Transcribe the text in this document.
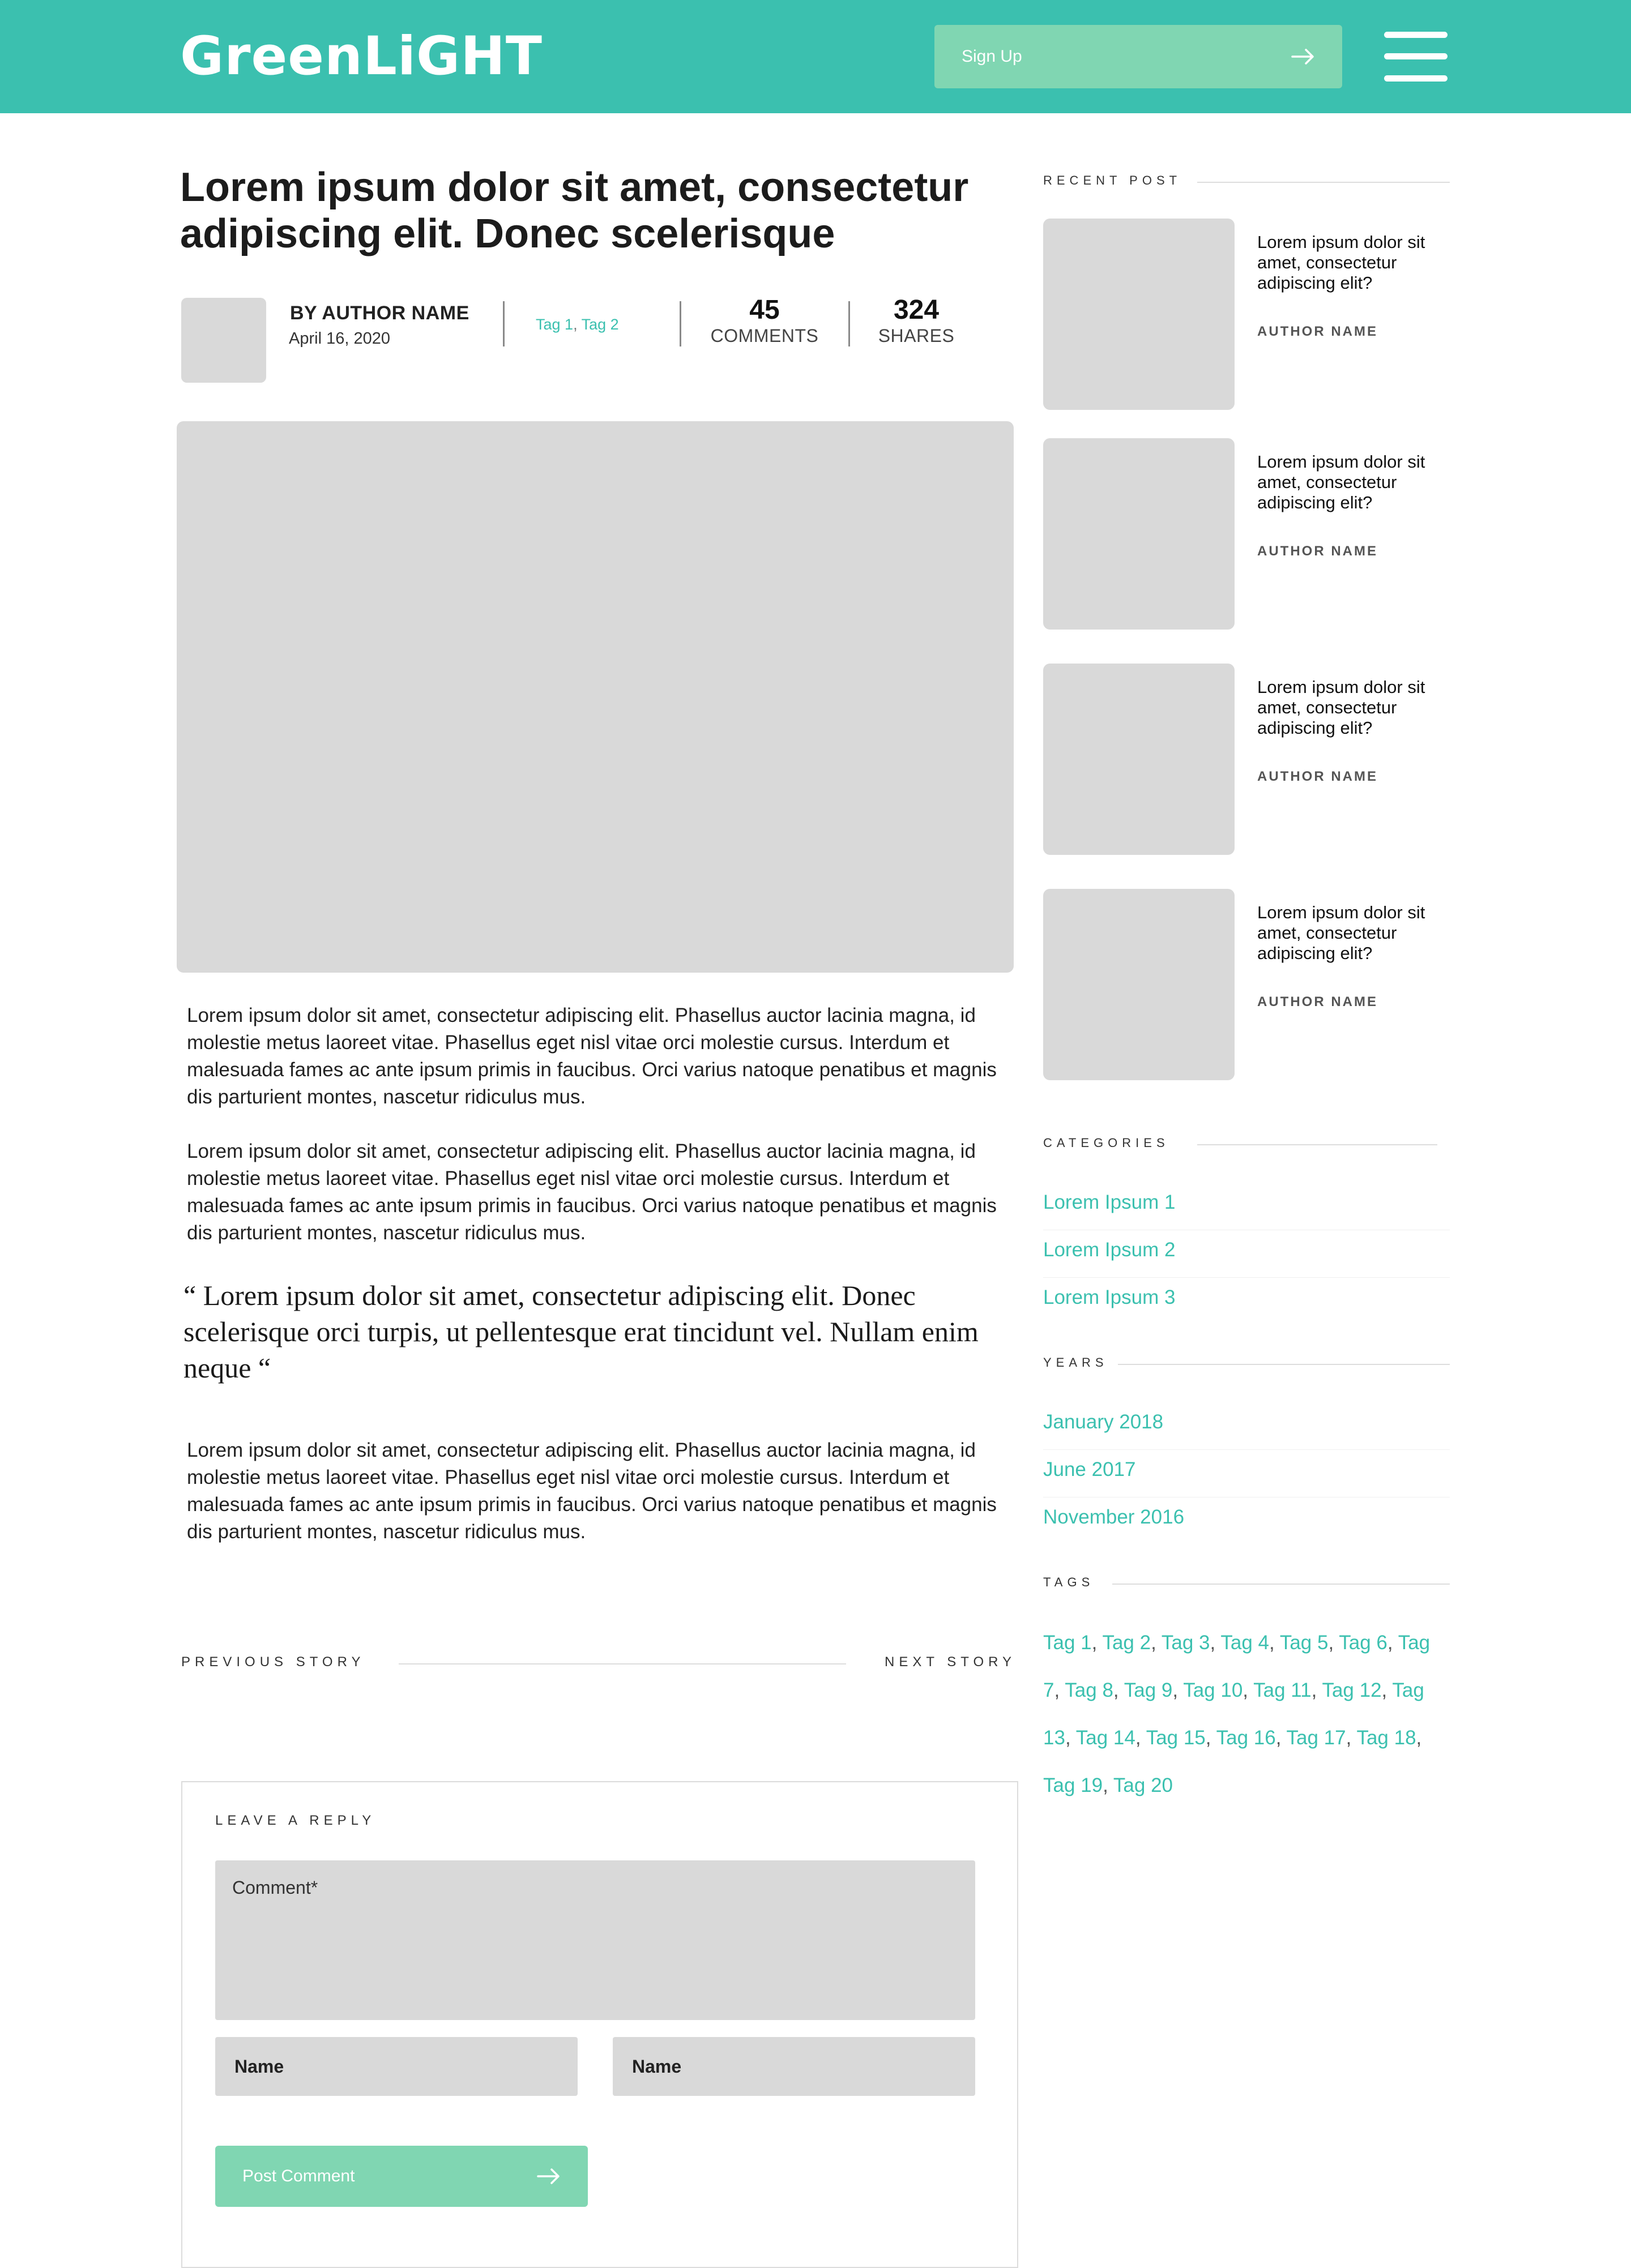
GreenLiGHT	Sign Up
Lorem ipsum dolor sit amet, consectetur adipiscing elit. Donec scelerisque
BY AUTHOR NAME
April 16, 2020
Tag 1, Tag 2	45
COMMENTS
324
SHARES

Lorem ipsum dolor sit amet, consectetur adipiscing elit. Phasellus auctor lacinia magna, id molestie metus laoreet vitae. Phasellus eget nisl vitae orci molestie cursus. Interdum et malesuada fames ac ante ipsum primis in faucibus. Orci varius natoque penatibus et magnis dis parturient montes, nascetur ridiculus mus.

Lorem ipsum dolor sit amet, consectetur adipiscing elit. Phasellus auctor lacinia magna, id molestie metus laoreet vitae. Phasellus eget nisl vitae orci molestie cursus. Interdum et malesuada fames ac ante ipsum primis in faucibus. Orci varius natoque penatibus et magnis dis parturient montes, nascetur ridiculus mus.

“ Lorem ipsum dolor sit amet, consectetur adipiscing elit. Donec scelerisque orci turpis, ut pellentesque erat tincidunt vel. Nullam enim neque “

Lorem ipsum dolor sit amet, consectetur adipiscing elit. Phasellus auctor lacinia magna, id molestie metus laoreet vitae. Phasellus eget nisl vitae orci molestie cursus. Interdum et malesuada fames ac ante ipsum primis in faucibus. Orci varius natoque penatibus et magnis dis parturient montes, nascetur ridiculus mus.

PREVIOUS STORY	NEXT STORY
LEAVE A REPLY
Comment*
Name
Name
Post Comment
RECENT POST
Lorem ipsum dolor sit amet, consectetur adipiscing elit?
AUTHOR NAME
Lorem ipsum dolor sit amet, consectetur adipiscing elit?
AUTHOR NAME
Lorem ipsum dolor sit amet, consectetur adipiscing elit?
AUTHOR NAME
Lorem ipsum dolor sit amet, consectetur adipiscing elit?
AUTHOR NAME
CATEGORIES
Lorem Ipsum 1
Lorem Ipsum 2
Lorem Ipsum 3
YEARS
January 2018
June 2017
November 2016
TAGS
Tag 1, Tag 2, Tag 3, Tag 4, Tag 5, Tag 6, Tag 7, Tag 8, Tag 9, Tag 10, Tag 11, Tag 12, Tag 13, Tag 14, Tag 15, Tag 16, Tag 17, Tag 18, Tag 19, Tag 20
